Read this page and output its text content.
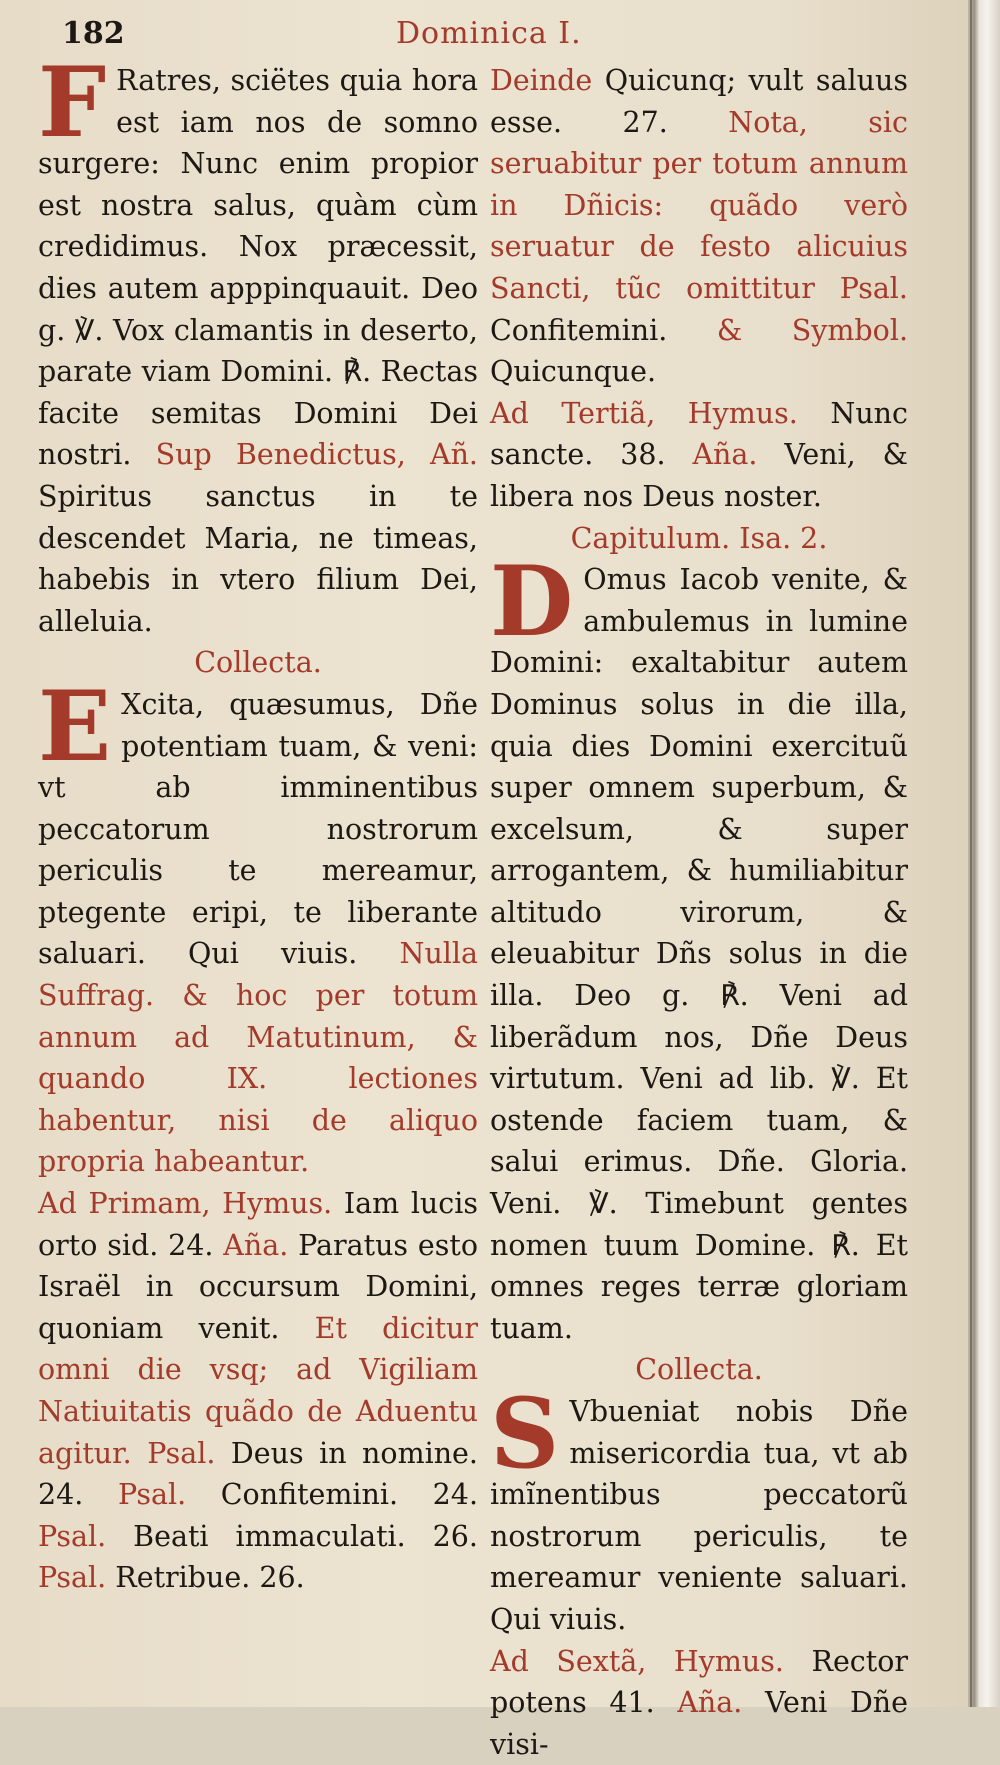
182	Dominica I.

F Ratres, sciëtes quia hora est iam nos de somno surgere: Nunc enim propior est nostra salus, quàm cùm credidimus. Nox præcessit, dies autem apppinquauit. Deo g. ℣. Vox clamantis in deserto, parate viam Domini. ℟. Rectas facite semitas Domini Dei nostri. Sup Benedictus, Añ. Spiritus sanctus in te descendet Maria, ne timeas, habebis in vtero filium Dei, alleluia.

Collecta.

E Xcita, quæsumus, Dñe potentiam tuam, & veni: vt ab imminentibus peccatorum nostrorum periculis te mereamur, ptegente eripi, te liberante saluari. Qui viuis. Nulla Suffrag. & hoc per totum annum ad Matutinum, & quando IX. lectiones habentur, nisi de aliquo propria habeantur.

Ad Primam, Hymus. Iam lucis orto sid. 24. Aña. Paratus esto Israël in occursum Domini, quoniam venit. Et dicitur omni die vsq; ad Vigiliam Natiuitatis quãdo de Aduentu agitur. Psal. Deus in nomine. 24. Psal. Confitemini. 24. Psal. Beati immaculati. 26. Psal. Retribue. 26.

Deinde Quicunq; vult saluus esse. 27. Nota, sic seruabitur per totum annum in Dñicis: quãdo verò seruatur de festo alicuius Sancti, tũc omittitur Psal. Confitemini. & Symbol. Quicunque.

Ad Tertiã, Hymus. Nunc sancte. 38. Aña. Veni, & libera nos Deus noster.

Capitulum. Isa. 2.

D Omus Iacob venite, & ambulemus in lumine Domini: exaltabitur autem Dominus solus in die illa, quia dies Domini exercituũ super omnem superbum, & excelsum, & super arrogantem, & humiliabitur altitudo virorum, & eleuabitur Dñs solus in die illa. Deo g. ℟. Veni ad liberãdum nos, Dñe Deus virtutum. Veni ad lib. ℣. Et ostende faciem tuam, & salui erimus. Dñe. Gloria. Veni. ℣. Timebunt gentes nomen tuum Domine. ℟. Et omnes reges terræ gloriam tuam.

Collecta.

S Vbueniat nobis Dñe misericordia tua, vt ab imĩnentibus peccatorũ nostrorum periculis, te mereamur veniente saluari. Qui viuis.

Ad Sextã, Hymus. Rector potens 41. Aña. Veni Dñe visi-
